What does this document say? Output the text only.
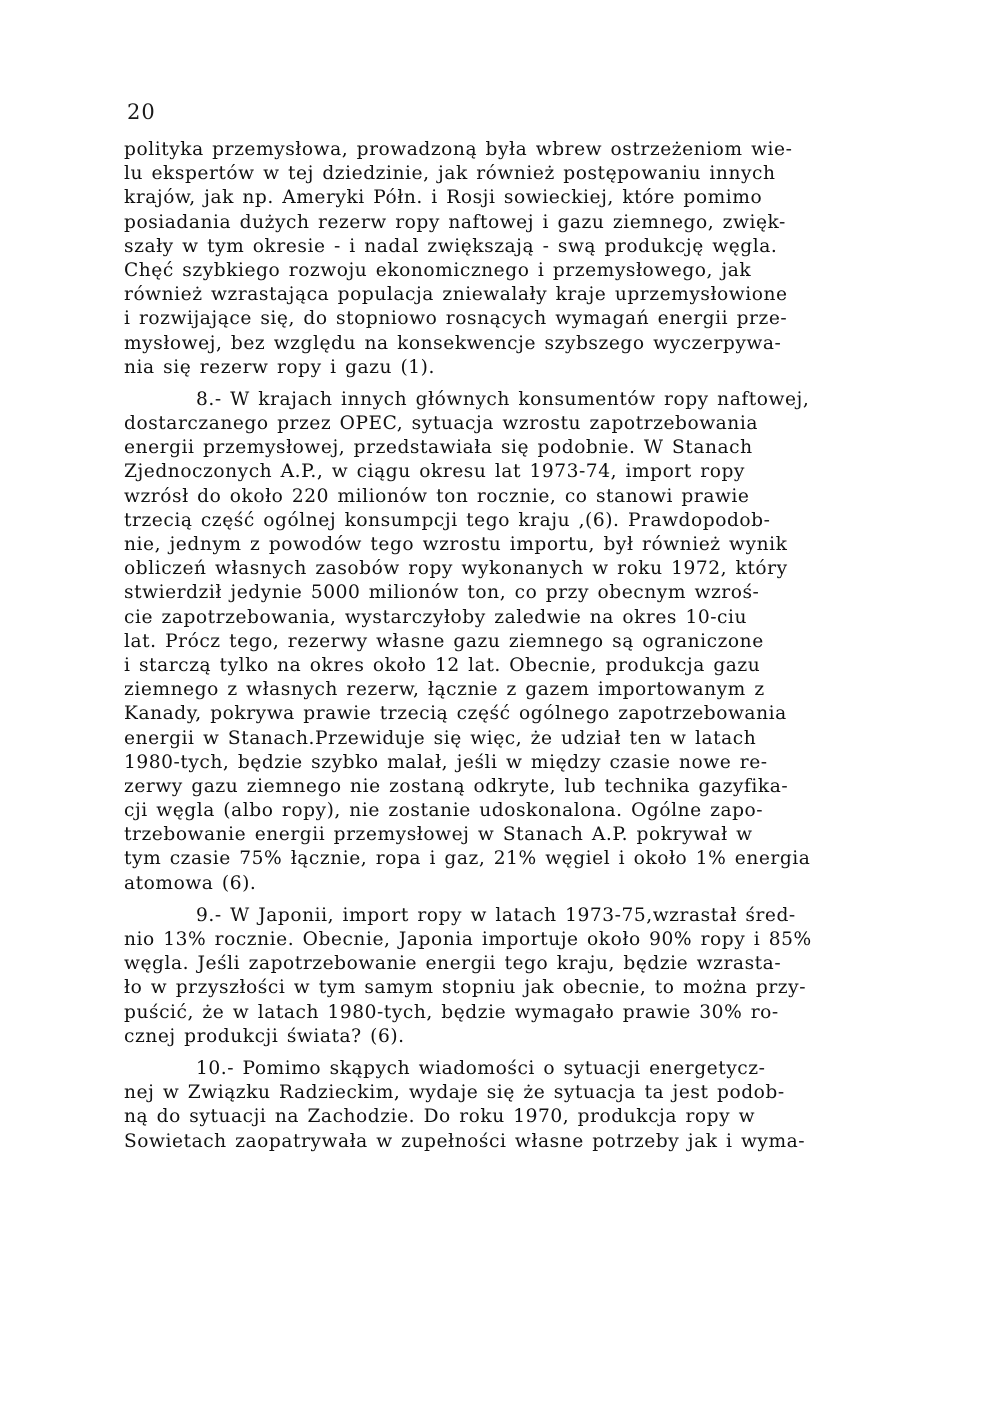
20
polityka przemysłowa, prowadzoną była wbrew ostrzeżeniom wie-
lu ekspertów w tej dziedzinie, jak również postępowaniu innych
krajów, jak np. Ameryki Półn. i Rosji sowieckiej, które pomimo
posiadania dużych rezerw ropy naftowej i gazu ziemnego, zwięk-
szały w tym okresie - i nadal zwiększają - swą produkcję węgla.
Chęć szybkiego rozwoju ekonomicznego i przemysłowego, jak
również wzrastająca populacja zniewalały kraje uprzemysłowione
i rozwijające się, do stopniowo rosnących wymagań energii prze-
mysłowej, bez względu na konsekwencje szybszego wyczerpywa-
nia się rezerw ropy i gazu (1).
8.- W krajach innych głównych konsumentów ropy naftowej,
dostarczanego przez OPEC, sytuacja wzrostu zapotrzebowania
energii przemysłowej, przedstawiała się podobnie. W Stanach
Zjednoczonych A.P., w ciągu okresu lat 1973-74, import ropy
wzrósł do około 220 milionów ton rocznie, co stanowi prawie
trzecią część ogólnej konsumpcji tego kraju ,(6). Prawdopodob-
nie, jednym z powodów tego wzrostu importu, był również wynik
obliczeń własnych zasobów ropy wykonanych w roku 1972, który
stwierdził jedynie 5000 milionów ton, co przy obecnym wzroś-
cie zapotrzebowania, wystarczyłoby zaledwie na okres 10-ciu
lat. Prócz tego, rezerwy własne gazu ziemnego są ograniczone
i starczą tylko na okres około 12 lat. Obecnie, produkcja gazu
ziemnego z własnych rezerw, łącznie z gazem importowanym z
Kanady, pokrywa prawie trzecią część ogólnego zapotrzebowania
energii w Stanach.Przewiduje się więc, że udział ten w latach
1980-tych, będzie szybko malał, jeśli w między czasie nowe re-
zerwy gazu ziemnego nie zostaną odkryte, lub technika gazyfika-
cji węgla (albo ropy), nie zostanie udoskonalona. Ogólne zapo-
trzebowanie energii przemysłowej w Stanach A.P. pokrywał w
tym czasie 75% łącznie, ropa i gaz, 21% węgiel i około 1% energia
atomowa (6).
9.- W Japonii, import ropy w latach 1973-75,wzrastał śred-
nio 13% rocznie. Obecnie, Japonia importuje około 90% ropy i 85%
węgla. Jeśli zapotrzebowanie energii tego kraju, będzie wzrasta-
ło w przyszłości w tym samym stopniu jak obecnie, to można przy-
puścić, że w latach 1980-tych, będzie wymagało prawie 30% ro-
cznej produkcji świata? (6).
10.- Pomimo skąpych wiadomości o sytuacji energetycz-
nej w Związku Radzieckim, wydaje się że sytuacja ta jest podob-
ną do sytuacji na Zachodzie. Do roku 1970, produkcja ropy w
Sowietach zaopatrywała w zupełności własne potrzeby jak i wyma-
